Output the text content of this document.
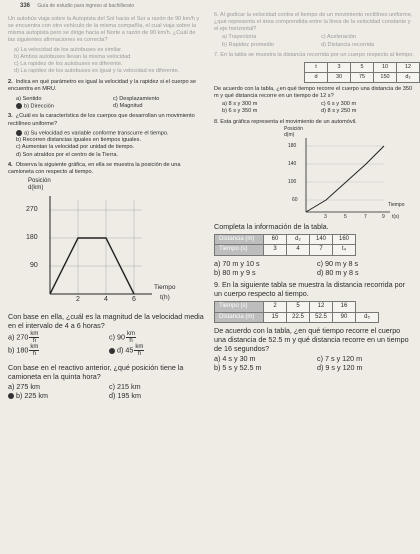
336 Guía de estudio para ingreso al bachillerato
Un autobús viaja sobre la Autopista del Sol hacia el Sur a razón de 90 km/h y se encuentra con otro vehículo de la misma compañía, el cual viaja sobre la misma autopista pero se dirige hacia el Norte a razón de 90 km/h. ¿Cuál de las siguientes afirmaciones es correcta?
a) La velocidad de los autobuses es similar.
b) Ambos autobuses llevan la misma velocidad.
c) La rapidez de los autobuses es diferente.
d) La rapidez de los autobuses es igual y la velocidad es diferente.
2. Indica en qué parámetro es igual la velocidad y la rapidez si el cuerpo se encuentra en MRU.
a) Sentido	c) Desplazamiento
b) Dirección	d) Magnitud
3. ¿Cuál es la característica de los cuerpos que desarrollan un movimiento rectilíneo uniforme?
a) Su velocidad es variable conforme transcurre el tiempo.
b) Recorren distancias iguales en tiempos iguales.
c) Aumentan la velocidad por unidad de tiempo.
d) Son atraídos por el centro de la Tierra.
4. Observa la siguiente gráfica, en ella se muestra la posición de una camioneta con respecto al tiempo.
Posición
d(km)
270
180
90
2	4	6
Tiempo
t(h)
Con base en ella, ¿cuál es la magnitud de la velocidad media en el intervalo de 4 a 6 horas?
a) $270 \frac{km}{h}$	c) $90 \frac{km}{h}$
b) $180 \frac{km}{h}$	d) $45 \frac{km}{h}$
Con base en el reactivo anterior, ¿qué posición tiene la camioneta en la quinta hora?
a) 275 km	c) 215 km
b) 225 km	d) 195 km
6. Al graficar la velocidad contra el tiempo de un movimiento rectilíneo uniforme, ¿qué representa el área comprendida entre la línea de la velocidad constante y el eje horizontal?
a) Trayectoria	c) Aceleración
b) Rapidez promedio	d) Distancia recorrida
7. En la tabla se muestra la distancia recorrida por un cuerpo respecto al tiempo.
t	3	5	10	12
d	30	75	150	d₂
De acuerdo con la tabla, ¿en qué tiempo recorre el cuerpo una distancia de 350 m y qué distancia recorre en un tiempo de 12 s?
a) 8 s y 300 m	c) 6 s y 300 m
b) 6 s y 350 m	d) 8 s y 250 m
8. Esta gráfica representa el movimiento de un automóvil.
Posición
d(m)
180
140
100
60
3	5	7	9
Tiempo
t(s)
Completa la información de la tabla.
Distancia (m)	60	d₂	140	160
Tiempo (s)	3	4	7	t₄
a) 70 m y 10 s	c) 90 m y 8 s
b) 80 m y 9 s	d) 80 m y 8 s
9. En la siguiente tabla se muestra la distancia recorrida por un cuerpo respecto al tiempo.
Tiempo (s)	2	5	12	16	
Distancia (m)	15	22.5	52.5	90	d₅
De acuerdo con la tabla, ¿en qué tiempo recorre el cuerpo una distancia de 52.5 m y qué distancia recorre en un tiempo de 16 segundos?
a) 4 s y 30 m	c) 7 s y 120 m
b) 5 s y 52.5 m	d) 9 s y 120 m
